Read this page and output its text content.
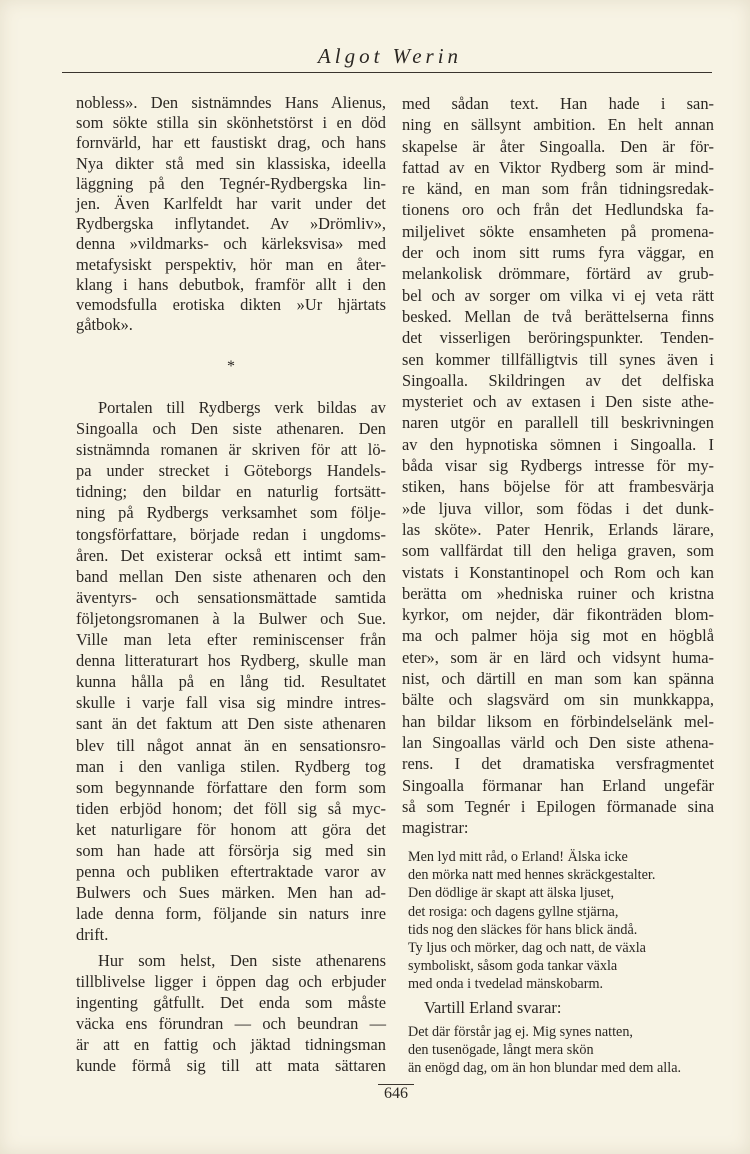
Algot Werin
nobless». Den sistnämndes Hans Alienus,
som sökte stilla sin skönhetstörst i en död
fornvärld, har ett faustiskt drag, och hans
Nya dikter stå med sin klassiska, ideella
läggning på den Tegnér-Rydbergska lin-
jen. Även Karlfeldt har varit under det
Rydbergska inflytandet. Av »Drömliv»,
denna »vildmarks- och kärleksvisa» med
metafysiskt perspektiv, hör man en åter-
klang i hans debutbok, framför allt i den
vemodsfulla erotiska dikten »Ur hjärtats
gåtbok».
*
Portalen till Rydbergs verk bildas av
Singoalla och Den siste athenaren. Den
sistnämnda romanen är skriven för att lö-
pa under strecket i Göteborgs Handels-
tidning; den bildar en naturlig fortsätt-
ning på Rydbergs verksamhet som följe-
tongsförfattare, började redan i ungdoms-
åren. Det existerar också ett intimt sam-
band mellan Den siste athenaren och den
äventyrs- och sensationsmättade samtida
följetongsromanen à la Bulwer och Sue.
Ville man leta efter reminiscenser från
denna litteraturart hos Rydberg, skulle man
kunna hålla på en lång tid. Resultatet
skulle i varje fall visa sig mindre intres-
sant än det faktum att Den siste athenaren
blev till något annat än en sensationsro-
man i den vanliga stilen. Rydberg tog
som begynnande författare den form som
tiden erbjöd honom; det föll sig så myc-
ket naturligare för honom att göra det
som han hade att försörja sig med sin
penna och publiken eftertraktade varor av
Bulwers och Sues märken. Men han ad-
lade denna form, följande sin naturs inre
drift.
Hur som helst, Den siste athenarens
tillblivelse ligger i öppen dag och erbjuder
ingenting gåtfullt. Det enda som måste
väcka ens förundran — och beundran —
är att en fattig och jäktad tidningsman
kunde förmå sig till att mata sättaren
med sådan text. Han hade i san-
ning en sällsynt ambition. En helt annan
skapelse är åter Singoalla. Den är för-
fattad av en Viktor Rydberg som är mind-
re känd, en man som från tidningsredak-
tionens oro och från det Hedlundska fa-
miljelivet sökte ensamheten på promena-
der och inom sitt rums fyra väggar, en
melankolisk drömmare, förtärd av grub-
bel och av sorger om vilka vi ej veta rätt
besked. Mellan de två berättelserna finns
det visserligen beröringspunkter. Tenden-
sen kommer tillfälligtvis till synes även i
Singoalla. Skildringen av det delfiska
mysteriet och av extasen i Den siste athe-
naren utgör en parallell till beskrivningen
av den hypnotiska sömnen i Singoalla. I
båda visar sig Rydbergs intresse för my-
stiken, hans böjelse för att frambesvärja
»de ljuva villor, som födas i det dunk-
las sköte». Pater Henrik, Erlands lärare,
som vallfärdat till den heliga graven, som
vistats i Konstantinopel och Rom och kan
berätta om »hedniska ruiner och kristna
kyrkor, om nejder, där fikonträden blom-
ma och palmer höja sig mot en högblå
eter», som är en lärd och vidsynt huma-
nist, och därtill en man som kan spänna
bälte och slagsvärd om sin munkkappa,
han bildar liksom en förbindelselänk mel-
lan Singoallas värld och Den siste athena-
rens. I det dramatiska versfragmentet
Singoalla förmanar han Erland ungefär
så som Tegnér i Epilogen förmanade sina
magistrar:
Men lyd mitt råd, o Erland! Älska icke
den mörka natt med hennes skräckgestalter.
Den dödlige är skapt att älska ljuset,
det rosiga: och dagens gyllne stjärna,
tids nog den släckes för hans blick ändå.
Ty ljus och mörker, dag och natt, de växla
symboliskt, såsom goda tankar växla
med onda i tvedelad mänskobarm.
Vartill Erland svarar:
Det där förstår jag ej. Mig synes natten,
den tusenögade, långt mera skön
än enögd dag, om än hon blundar med dem alla.
646
